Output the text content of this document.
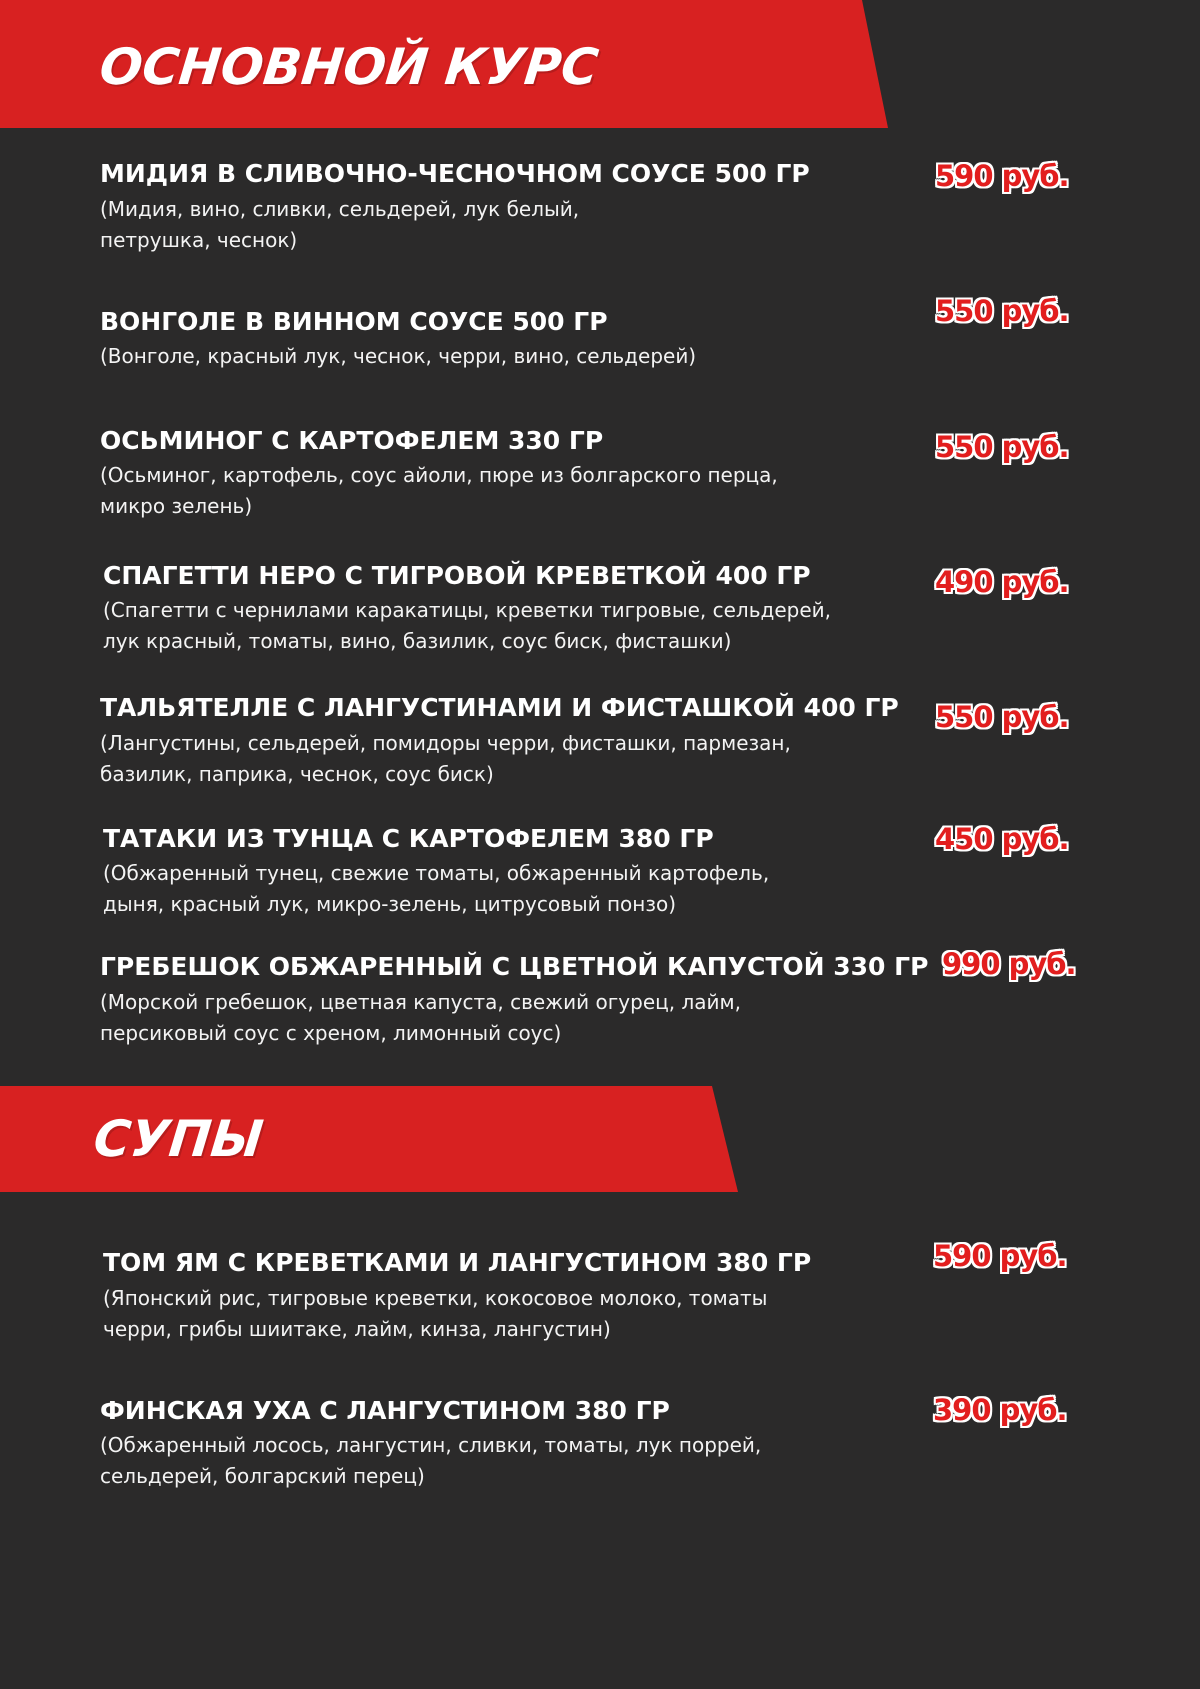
ОСНОВНОЙ КУРС
СУПЫ
МИДИЯ В СЛИВОЧНО-ЧЕСНОЧНОМ СОУСЕ 500 ГР
(Мидия, вино, сливки, сельдерей, лук белый,
петрушка, чеснок)
590 руб.
ВОНГОЛЕ В ВИННОМ СОУСЕ 500 ГР
(Вонголе, красный лук, чеснок, черри, вино, сельдерей)
550 руб.
ОСЬМИНОГ С КАРТОФЕЛЕМ 330 ГР
(Осьминог, картофель, соус айоли, пюре из болгарского перца,
микро зелень)
550 руб.
СПАГЕТТИ НЕРО С ТИГРОВОЙ КРЕВЕТКОЙ 400 ГР
(Спагетти с чернилами каракатицы, креветки тигровые, сельдерей,
лук красный, томаты, вино, базилик, соус биск, фисташки)
490 руб.
ТАЛЬЯТЕЛЛЕ С ЛАНГУСТИНАМИ И ФИСТАШКОЙ 400 ГР
(Лангустины, сельдерей, помидоры черри, фисташки, пармезан,
базилик, паприка, чеснок, соус биск)
550 руб.
ТАТАКИ ИЗ ТУНЦА С КАРТОФЕЛЕМ 380 ГР
(Обжаренный тунец, свежие томаты, обжаренный картофель,
дыня, красный лук, микро-зелень, цитрусовый понзо)
450 руб.
ГРЕБЕШОК ОБЖАРЕННЫЙ С ЦВЕТНОЙ КАПУСТОЙ 330 ГР
(Морской гребешок, цветная капуста, свежий огурец, лайм,
персиковый соус с хреном, лимонный соус)
990 руб.
ТОМ ЯМ С КРЕВЕТКАМИ И ЛАНГУСТИНОМ 380 ГР
(Японский рис, тигровые креветки, кокосовое молоко, томаты
черри, грибы шиитаке, лайм, кинза, лангустин)
590 руб.
ФИНСКАЯ УХА С ЛАНГУСТИНОМ 380 ГР
(Обжаренный лосось, лангустин, сливки, томаты, лук поррей,
сельдерей, болгарский перец)
390 руб.
